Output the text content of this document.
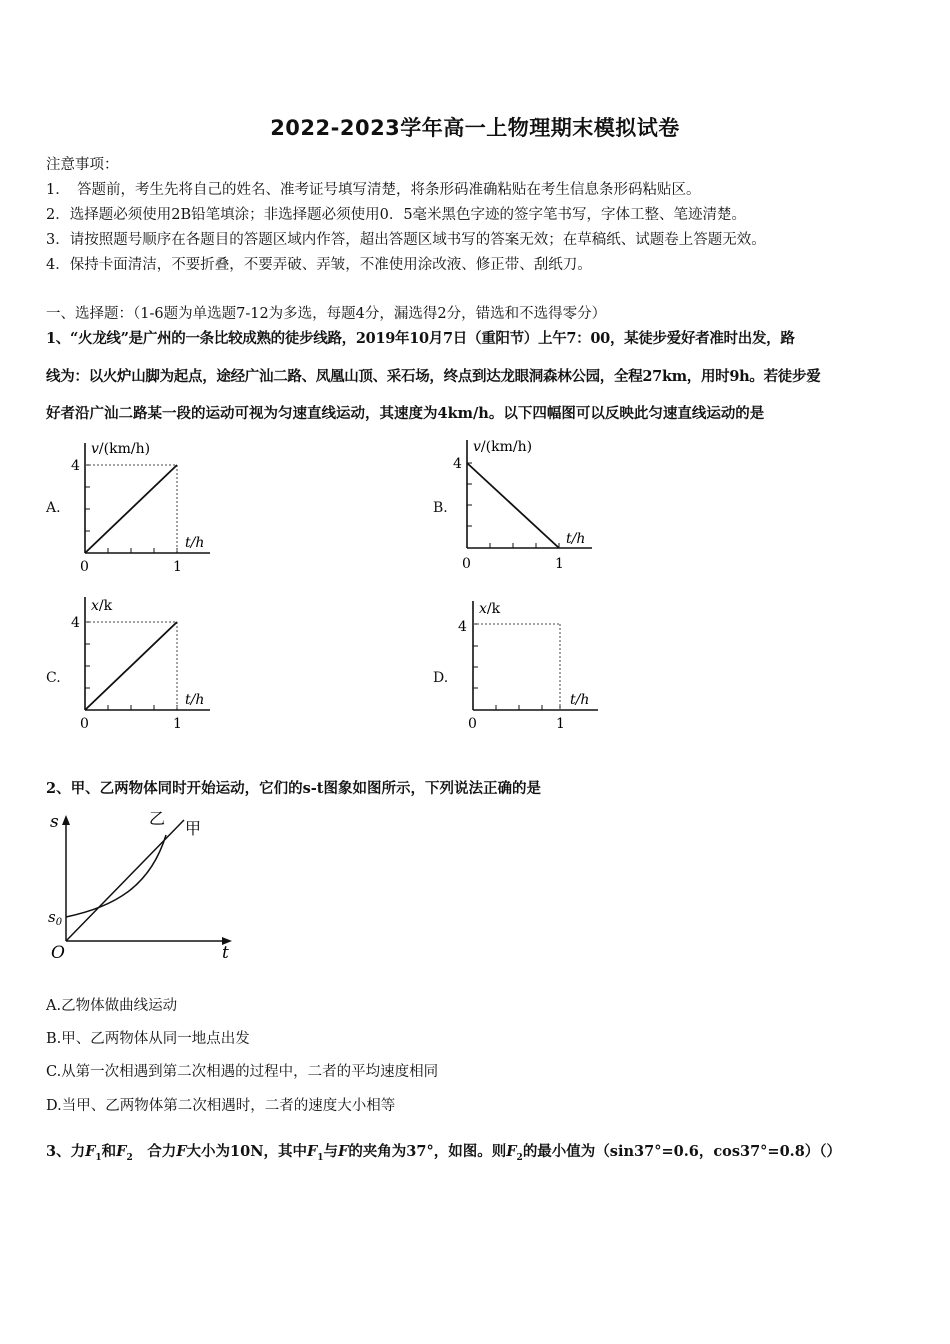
2022-2023学年高一上物理期末模拟试卷
注意事项：
1．　答题前，考生先将自己的姓名、准考证号填写清楚，将条形码准确粘贴在考生信息条形码粘贴区。
2．选择题必须使用2B铅笔填涂；非选择题必须使用0．5毫米黑色字迹的签字笔书写，字体工整、笔迹清楚。
3．请按照题号顺序在各题目的答题区域内作答，超出答题区域书写的答案无效；在草稿纸、试题卷上答题无效。
4．保持卡面清洁，不要折叠，不要弄破、弄皱，不准使用涂改液、修正带、刮纸刀。
一、选择题：（1-6题为单选题7-12为多选，每题4分，漏选得2分，错选和不选得零分）
1、“火龙线”是广州的一条比较成熟的徒步线路，2019年10月7日（重阳节）上午7：00，某徒步爱好者准时出发，路
线为：以火炉山脚为起点，途经广汕二路、凤凰山顶、采石场，终点到达龙眼洞森林公园，全程27km，用时9h。若徒步爱
好者沿广汕二路某一段的运动可视为匀速直线运动，其速度为4km/h。以下四幅图可以反映此匀速直线运动的是
A.
v/(km/h)
4
t/h
0	1
B.
v/(km/h)
4
t/h
0	1
C.
x/k
4
t/h
0	1
D.
x/k
4
t/h
0	1
2、甲、乙两物体同时开始运动，它们的s-t图象如图所示，下列说法正确的是
s
$s_0$
O	t
乙
甲
A.乙物体做曲线运动
B.甲、乙两物体从同一地点出发
C.从第一次相遇到第二次相遇的过程中，二者的平均速度相同
D.当甲、乙两物体第二次相遇时，二者的速度大小相等
3、力$F_1$和$F_2$　合力F大小为10N，其中$F_1$与F的夹角为37°，如图。则$F_2$的最小值为（sin37°=0.6，cos37°=0.8）（）
